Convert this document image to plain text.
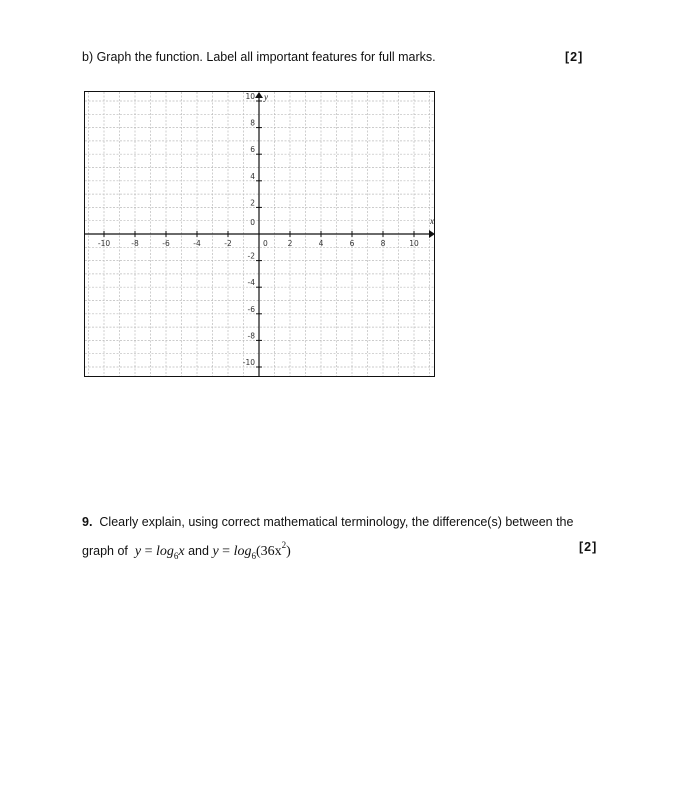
b) Graph the function. Label all important features for full marks.	[2]
x
y
-10	-8	-6	-4	-2	0	2	4	6	8	10
10
8
6
4
2
0
-2
-4
-6
-8
-10
9. Clearly explain, using correct mathematical terminology, the difference(s) between the
graph of $y = \log_6x$ and $y = \log_6(36x^2)$	[2]
